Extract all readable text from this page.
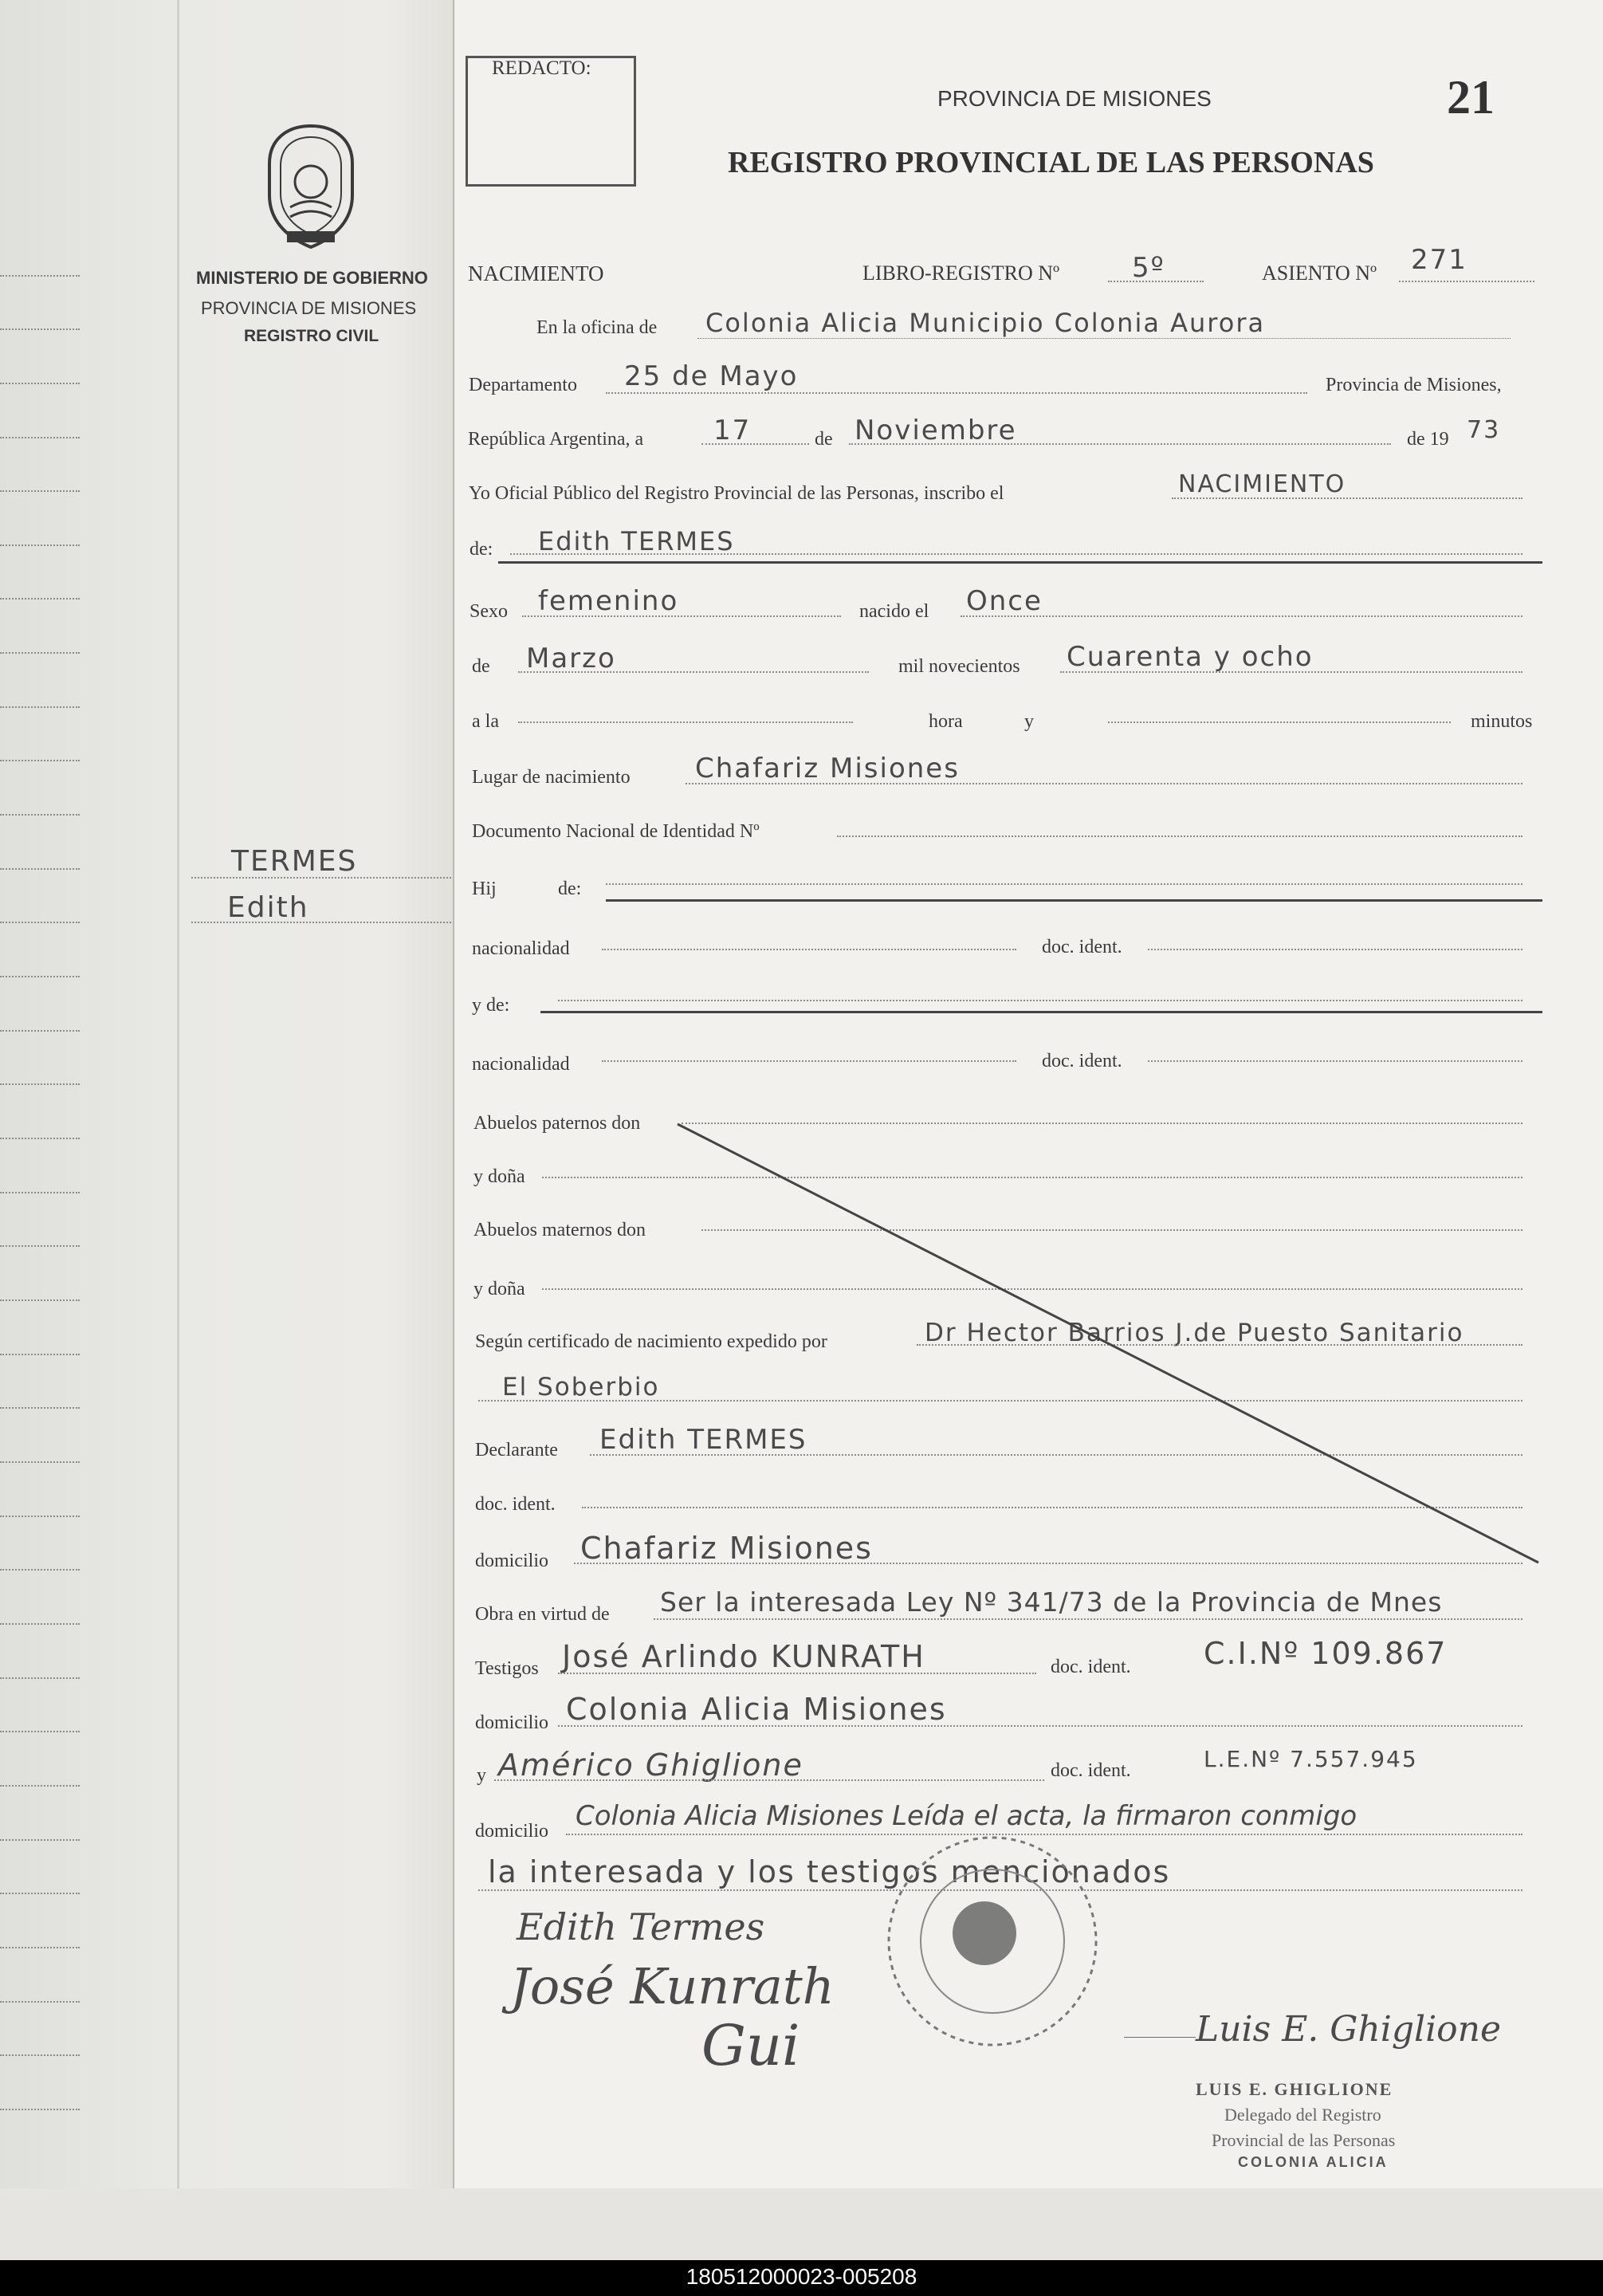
MINISTERIO DE GOBIERNO
PROVINCIA DE MISIONES
REGISTRO CIVIL
TERMES
Edith
REDACTO:
PROVINCIA DE MISIONES
REGISTRO PROVINCIAL DE LAS PERSONAS
21
NACIMIENTO	LIBRO-REGISTRO Nº	5º	ASIENTO Nº 271
En la oficina de Colonia Alicia Municipio Colonia Aurora
Departamento 25 de Mayo	Provincia de Misiones,
República Argentina, a	17	de Noviembre	de 19 73
Yo Oficial Público del Registro Provincial de las Personas, inscribo el	NACIMIENTO
de: Edith TERMES
Sexo femenino	nacido el Once
de Marzo	mil novecientos Cuarenta y ocho
a la	hora	y	minutos
Lugar de nacimiento Chafariz Misiones
Documento Nacional de Identidad Nº
Hij	de:
nacionalidad	doc. ident.
y de:
nacionalidad	doc. ident.
Abuelos paternos don
y doña
Abuelos maternos don
y doña
Según certificado de nacimiento expedido por	Dr Hector Barrios J.de Puesto Sanitario
El Soberbio
Declarante Edith TERMES
doc. ident.
domicilio Chafariz Misiones
Obra en virtud de Ser la interesada Ley Nº 341/73 de la Provincia de Mnes
Testigos José Arlindo KUNRATH	doc. ident. C.I.Nº 109.867
domicilio Colonia Alicia Misiones
y Américo Ghiglione	doc. ident.	L.E.Nº 7.557.945
domicilio Colonia Alicia Misiones Leída el acta, la firmaron conmigo
la interesada y los testigos mencionados
Edith Termes
José Kunrath
Gui	Luis E. Ghiglione
LUIS E. GHIGLIONE
Delegado del Registro
Provincial de las Personas
COLONIA ALICIA
180512000023-005208
